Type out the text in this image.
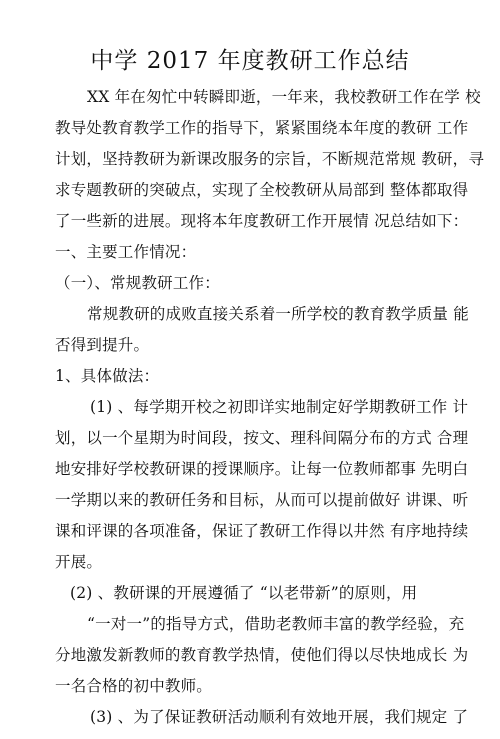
中学 2017 年度教研工作总结
XX 年在匆忙中转瞬即逝，一年来，我校教研工作在学 校
教导处教育教学工作的指导下，紧紧围绕本年度的教研 工作
计划，坚持教研为新课改服务的宗旨，不断规范常规 教研，寻
求专题教研的突破点，实现了全校教研从局部到 整体都取得
了一些新的进展。现将本年度教研工作开展情 况总结如下：
一、主要工作情况：
（一）、常规教研工作：
常规教研的成败直接关系着一所学校的教育教学质量 能
否得到提升。
1、具体做法：
(1) 、每学期开校之初即详实地制定好学期教研工作 计
划，以一个星期为时间段，按文、理科间隔分布的方式 合理
地安排好学校教研课的授课顺序。让每一位教师都事 先明白
一学期以来的教研任务和目标，从而可以提前做好 讲课、听
课和评课的各项准备，保证了教研工作得以井然 有序地持续
开展。
(2) 、教研课的开展遵循了 “以老带新”的原则，用
“一对一”的指导方式，借助老教师丰富的教学经验，充
分地激发新教师的教育教学热情，使他们得以尽快地成长 为
一名合格的初中教师。
(3) 、为了保证教研活动顺利有效地开展，我们规定 了
